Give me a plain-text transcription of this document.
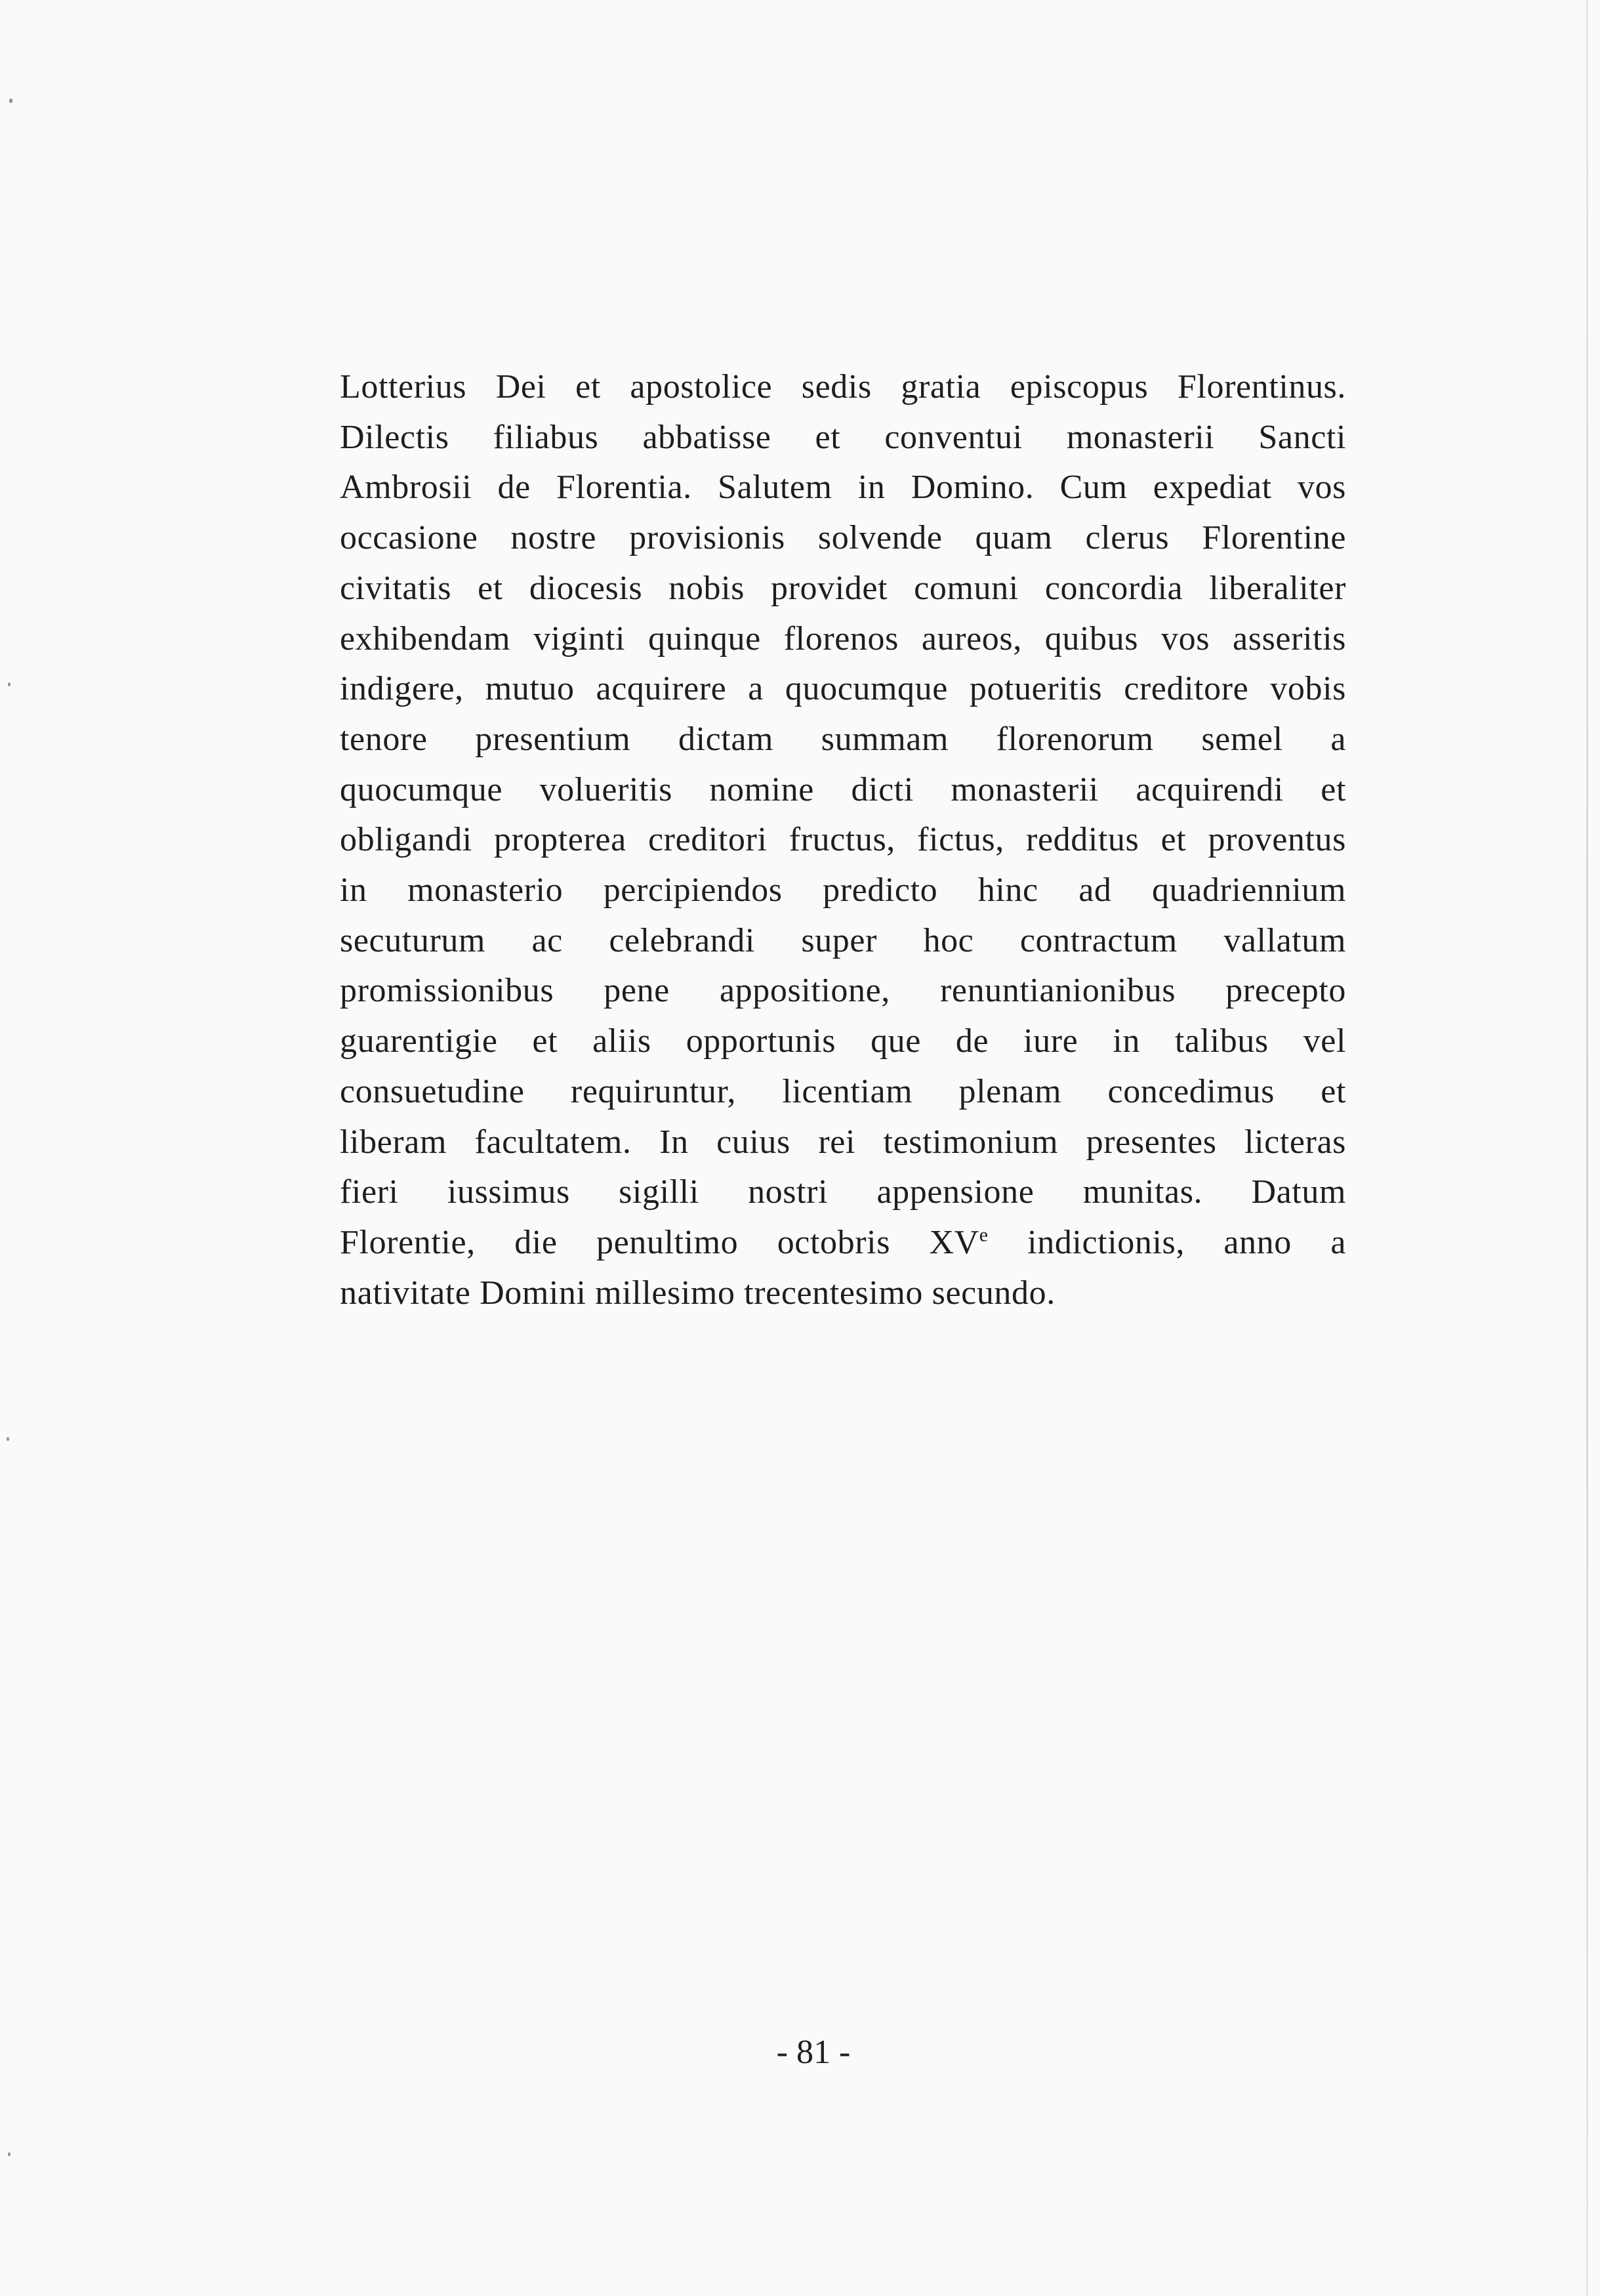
Lotterius Dei et apostolice sedis gratia episcopus Florentinus.
Dilectis filiabus abbatisse et conventui monasterii Sancti
Ambrosii de Florentia. Salutem in Domino. Cum expediat vos
occasione nostre provisionis solvende quam clerus Florentine
civitatis et diocesis nobis providet comuni concordia liberaliter
exhibendam viginti quinque florenos aureos, quibus vos asseritis
indigere, mutuo acquirere a quocumque potueritis creditore vobis
tenore presentium dictam summam florenorum semel a
quocumque volueritis nomine dicti monasterii acquirendi et
obligandi propterea creditori fructus, fictus, redditus et proventus
in monasterio percipiendos predicto hinc ad quadriennium
secuturum ac celebrandi super hoc contractum vallatum
promissionibus pene appositione, renuntianionibus precepto
guarentigie et aliis opportunis que de iure in talibus vel
consuetudine requiruntur, licentiam plenam concedimus et
liberam facultatem. In cuius rei testimonium presentes licteras
fieri iussimus sigilli nostri appensione munitas. Datum
Florentie, die penultimo octobris XVe indictionis, anno a
nativitate Domini millesimo trecentesimo secundo.

- 81 -
